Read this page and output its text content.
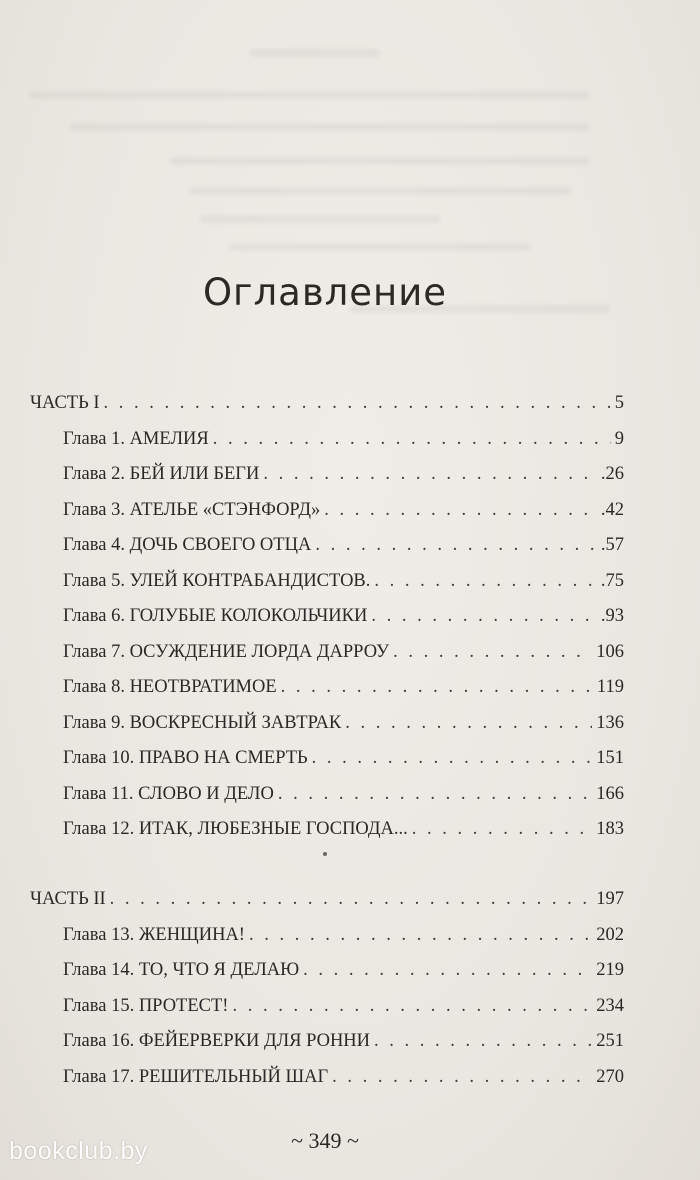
Оглавление
ЧАСТЬ I . . .	5
Глава 1. АМЕЛИЯ . . .	9
Глава 2. БЕЙ ИЛИ БЕГИ . . .	.26
Глава 3. АТЕЛЬЕ «СТЭНФОРД» . . .	.42
Глава 4. ДОЧЬ СВОЕГО ОТЦА . . .	.57
Глава 5. УЛЕЙ КОНТРАБАНДИСТОВ. . . .	.75
Глава 6. ГОЛУБЫЕ КОЛОКОЛЬЧИКИ . . .	.93
Глава 7. ОСУЖДЕНИЕ ЛОРДА ДАРРОУ . . .	106
Глава 8. НЕОТВРАТИМОЕ . . .	119
Глава 9. ВОСКРЕСНЫЙ ЗАВТРАК . . .	136
Глава 10. ПРАВО НА СМЕРТЬ . . .	151
Глава 11. СЛОВО И ДЕЛО . . .	166
Глава 12. ИТАК, ЛЮБЕЗНЫЕ ГОСПОДА... . . .	183
ЧАСТЬ II . . .	197
Глава 13. ЖЕНЩИНА! . . .	202
Глава 14. ТО, ЧТО Я ДЕЛАЮ . . .	219
Глава 15. ПРОТЕСТ! . . .	234
Глава 16. ФЕЙЕРВЕРКИ ДЛЯ РОННИ . . .	251
Глава 17. РЕШИТЕЛЬНЫЙ ШАГ . . .	270
~ 349 ~
bookclub.by
